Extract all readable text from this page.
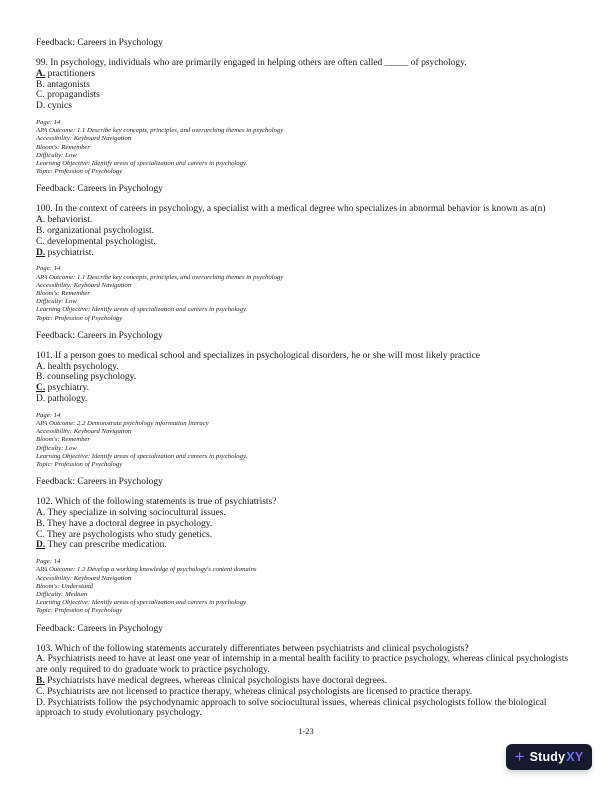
Feedback: Careers in Psychology

99. In psychology, individuals who are primarily engaged in helping others are often called _____ of psychology.

A. practitioners

B. antagonists

C. propagandists

D. cynics

Page: 14

APA Outcome: 1.1 Describe key concepts, principles, and overarching themes in psychology

Accessibility: Keyboard Navigation

Bloom's: Remember

Difficulty: Low

Learning Objective: Identify areas of specialization and careers in psychology.

Topic: Profession of Psychology

Feedback: Careers in Psychology

100. In the context of careers in psychology, a specialist with a medical degree who specializes in abnormal behavior is known as a(n)

A. behaviorist.

B. organizational psychologist.

C. developmental psychologist.

D. psychiatrist.

Page: 14

APA Outcome: 1.1 Describe key concepts, principles, and overarching themes in psychology

Accessibility: Keyboard Navigation

Bloom's: Remember

Difficulty: Low

Learning Objective: Identify areas of specialization and careers in psychology.

Topic: Profession of Psychology

Feedback: Careers in Psychology

101. If a person goes to medical school and specializes in psychological disorders, he or she will most likely practice

A. health psychology.

B. counseling psychology.

C. psychiatry.

D. pathology.

Page: 14

APA Outcome: 2.2 Demonstrate psychology information literacy

Accessibility: Keyboard Navigation

Bloom's: Remember

Difficulty: Low

Learning Objective: Identify areas of specialization and careers in psychology.

Topic: Profession of Psychology

Feedback: Careers in Psychology

102. Which of the following statements is true of psychiatrists?

A. They specialize in solving sociocultural issues.

B. They have a doctoral degree in psychology.

C. They are psychologists who study genetics.

D. They can prescribe medication.

Page: 14

APA Outcome: 1.2 Develop a working knowledge of psychology's content domains

Accessibility: Keyboard Navigation

Bloom's: Understand

Difficulty: Medium

Learning Objective: Identify areas of specialization and careers in psychology.

Topic: Profession of Psychology

Feedback: Careers in Psychology

103. Which of the following statements accurately differentiates between psychiatrists and clinical psychologists?

A. Psychiatrists need to have at least one year of internship in a mental health facility to practice psychology, whereas clinical psychologists are only required to do graduate work to practice psychology.

B. Psychiatrists have medical degrees, whereas clinical psychologists have doctoral degrees.

C. Psychiatrists are not licensed to practice therapy, whereas clinical psychologists are licensed to practice therapy.

D. Psychiatrists follow the psychodynamic approach to solve sociocultural issues, whereas clinical psychologists follow the biological approach to study evolutionary psychology.

1-23

+ Study XY
